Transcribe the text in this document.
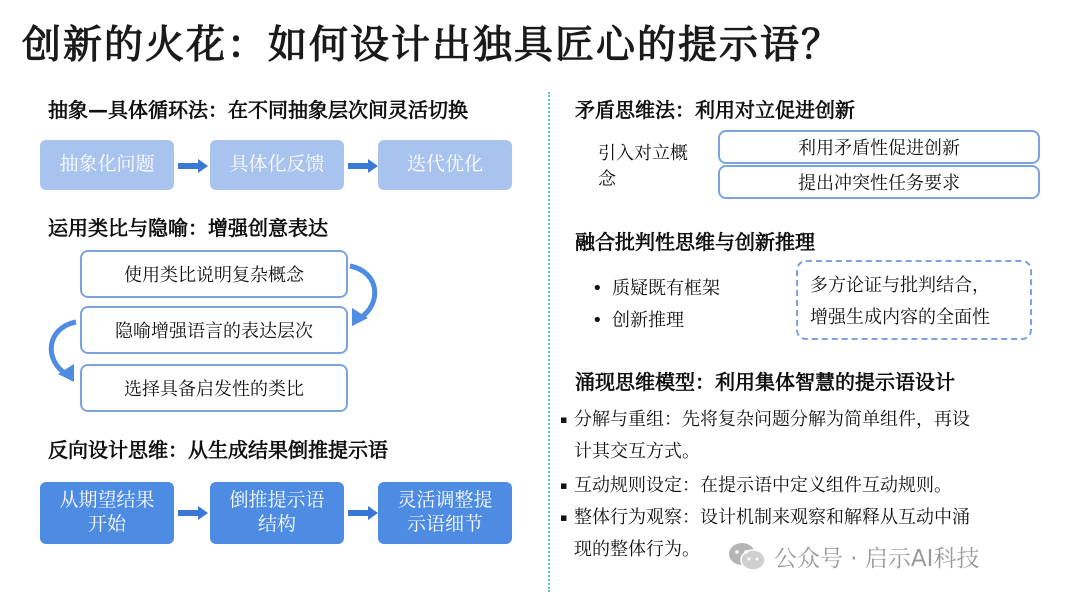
创新的火花：如何设计出独具匠心的提示语？
抽象—具体循环法：在不同抽象层次间灵活切换
抽象化问题	具体化反馈	迭代优化
运用类比与隐喻：增强创意表达
使用类比说明复杂概念
隐喻增强语言的表达层次
选择具备启发性的类比
反向设计思维：从生成结果倒推提示语
从期望结果
开始
倒推提示语
结构
灵活调整提
示语细节
矛盾思维法：利用对立促进创新
引入对立概
念
利用矛盾性促进创新
提出冲突性任务要求
融合批判性思维与创新推理
• 质疑既有框架
• 创新推理
多方论证与批判结合，
增强生成内容的全面性
涌现思维模型：利用集体智慧的提示语设计
▪ 分解与重组：先将复杂问题分解为简单组件，再设
计其交互方式。
▪ 互动规则设定：在提示语中定义组件互动规则。
▪ 整体行为观察：设计机制来观察和解释从互动中涌
现的整体行为。	公众号 · 启示AI科技
